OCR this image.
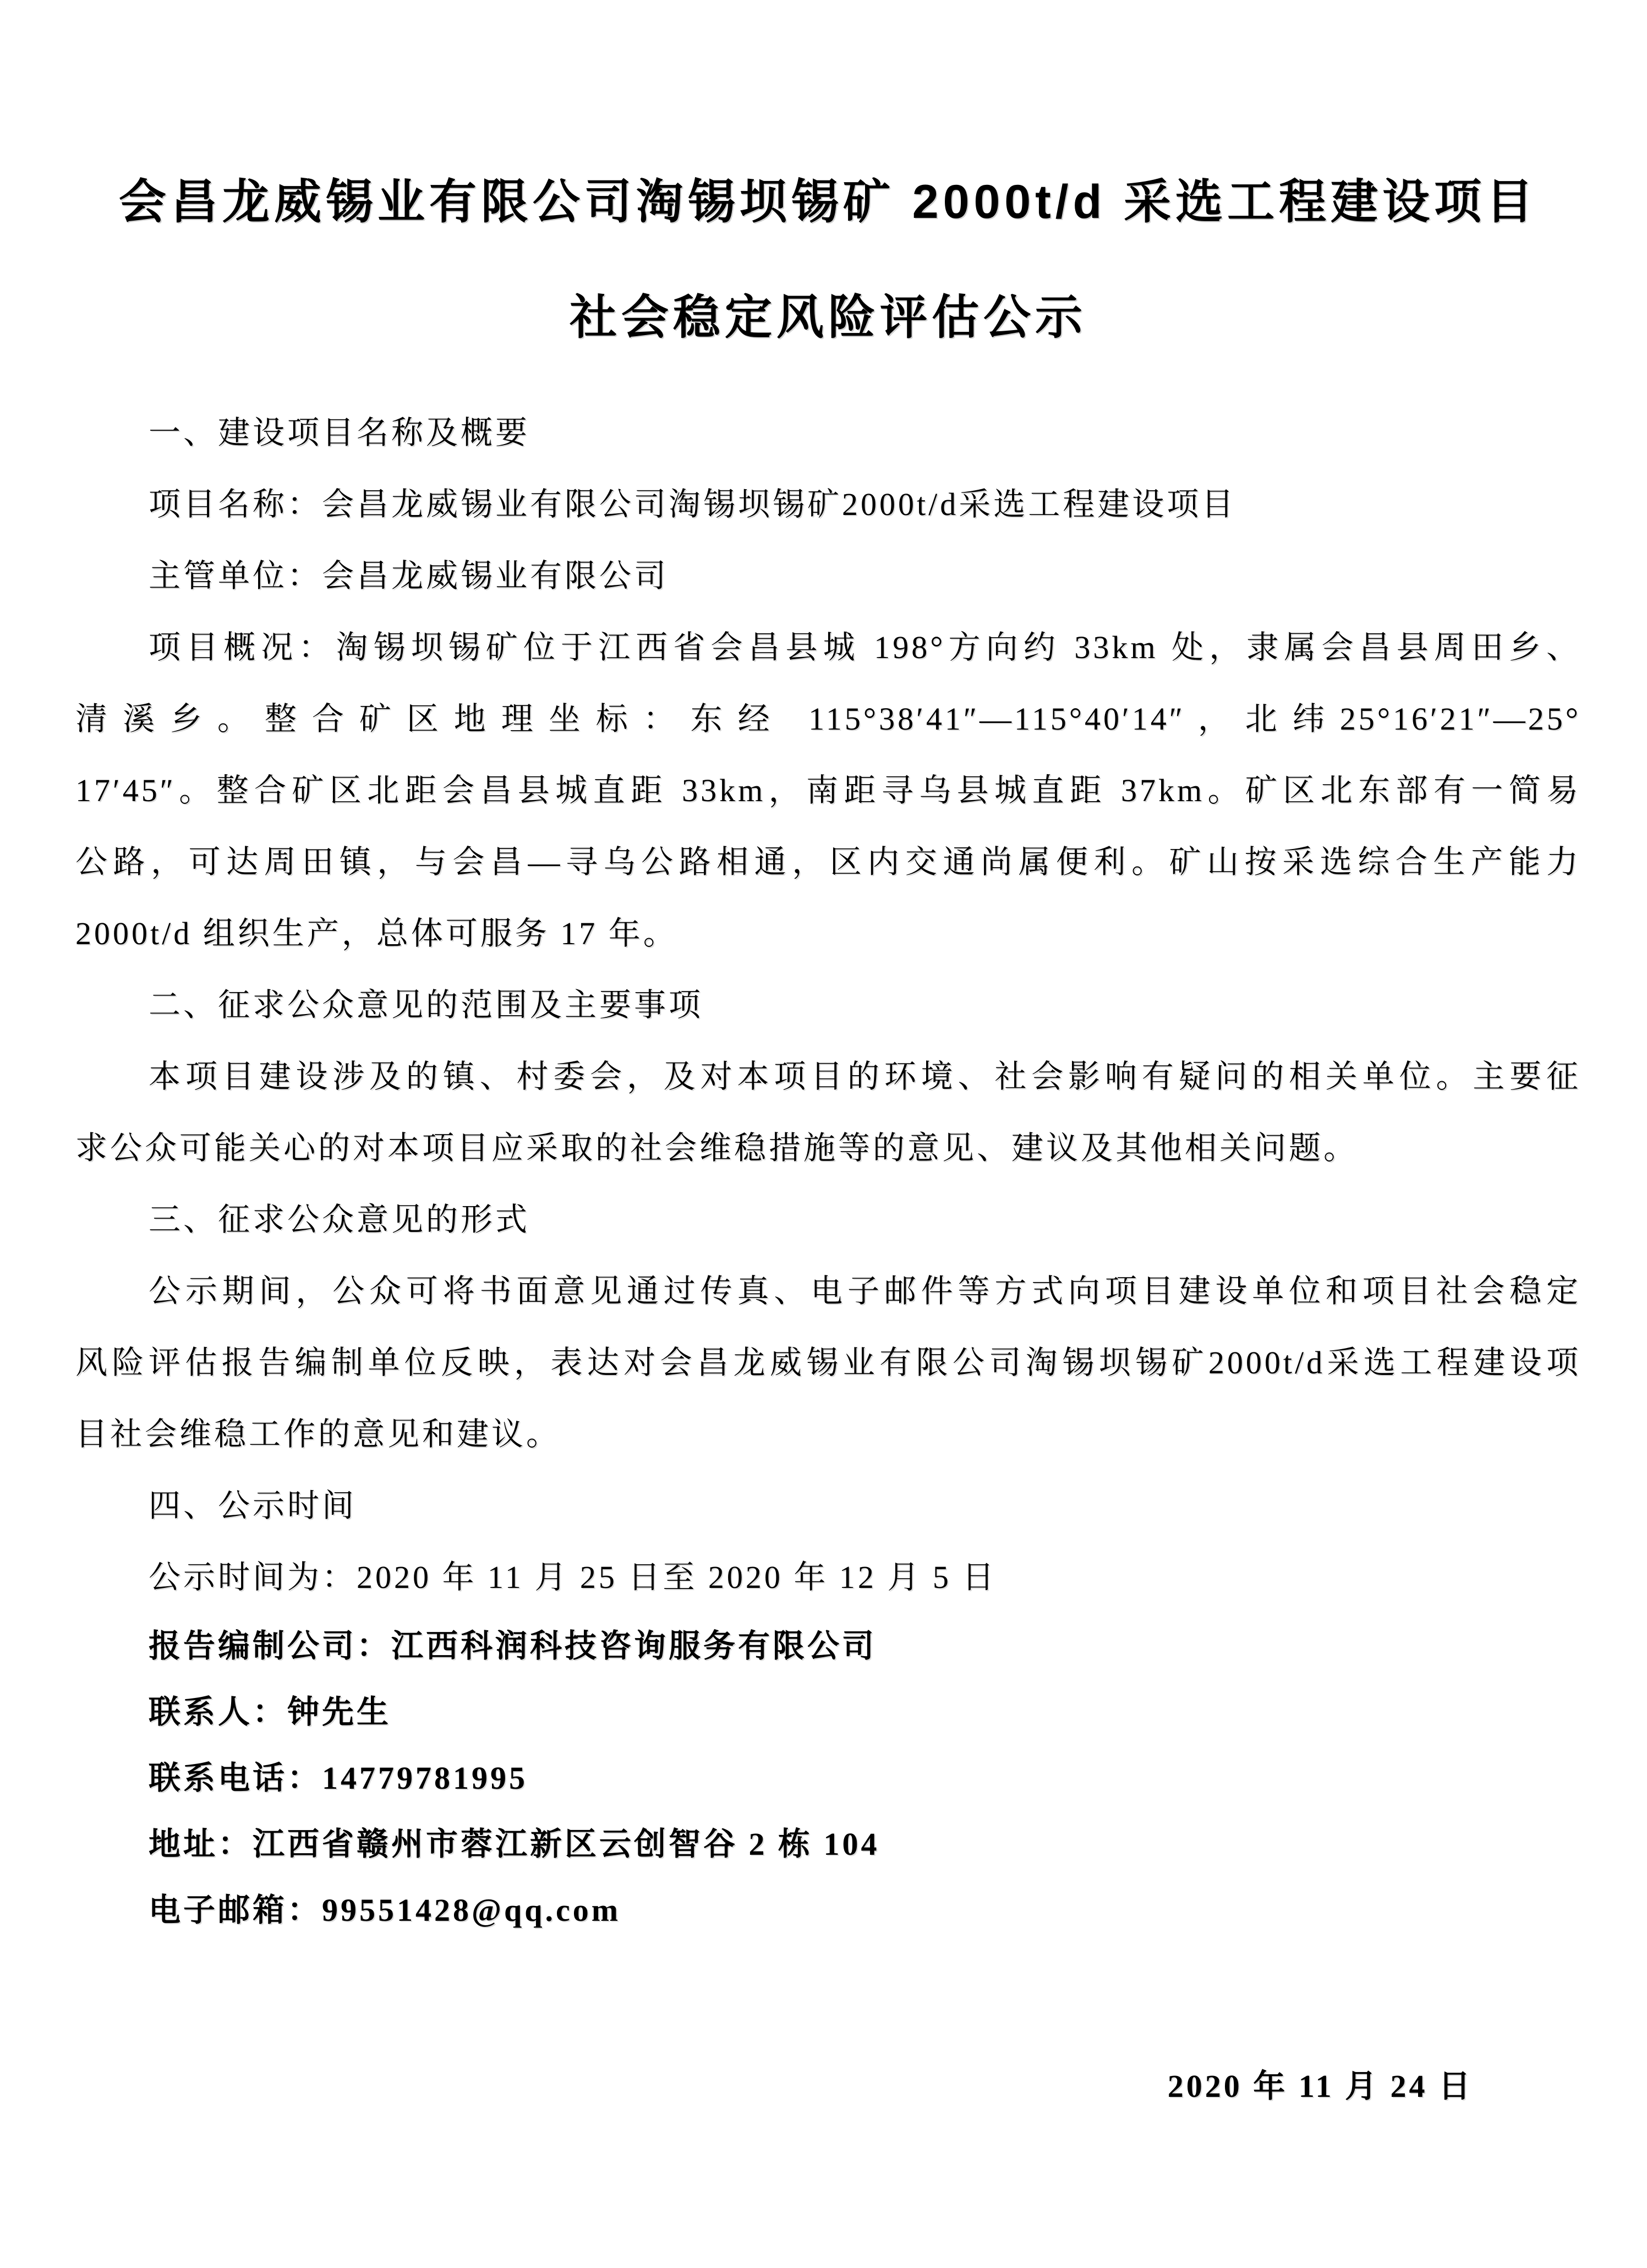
会昌龙威锡业有限公司淘锡坝锡矿 2000t/d 采选工程建设项目
社会稳定风险评估公示
一、建设项目名称及概要
项目名称：会昌龙威锡业有限公司淘锡坝锡矿2000t/d采选工程建设项目
主管单位：会昌龙威锡业有限公司
项目概况：淘锡坝锡矿位于江西省会昌县城 198°方向约 33km 处，隶属会昌县周田乡、
清溪乡。整合矿区地理坐标：东经 115°38′41″—115°40′14″，北纬25°16′21″—25°
17′45″。整合矿区北距会昌县城直距 33km，南距寻乌县城直距 37km。矿区北东部有一简易
公路，可达周田镇，与会昌—寻乌公路相通，区内交通尚属便利。矿山按采选综合生产能力
2000t/d 组织生产，总体可服务 17 年。
二、征求公众意见的范围及主要事项
本项目建设涉及的镇、村委会，及对本项目的环境、社会影响有疑问的相关单位。主要征
求公众可能关心的对本项目应采取的社会维稳措施等的意见、建议及其他相关问题。
三、征求公众意见的形式
公示期间，公众可将书面意见通过传真、电子邮件等方式向项目建设单位和项目社会稳定
风险评估报告编制单位反映，表达对会昌龙威锡业有限公司淘锡坝锡矿2000t/d采选工程建设项
目社会维稳工作的意见和建议。
四、公示时间
公示时间为：2020 年 11 月 25 日至 2020 年 12 月 5 日
报告编制公司：江西科润科技咨询服务有限公司
联系人：钟先生
联系电话：14779781995
地址：江西省赣州市蓉江新区云创智谷 2 栋 104
电子邮箱：99551428@qq.com
2020 年 11 月 24 日
